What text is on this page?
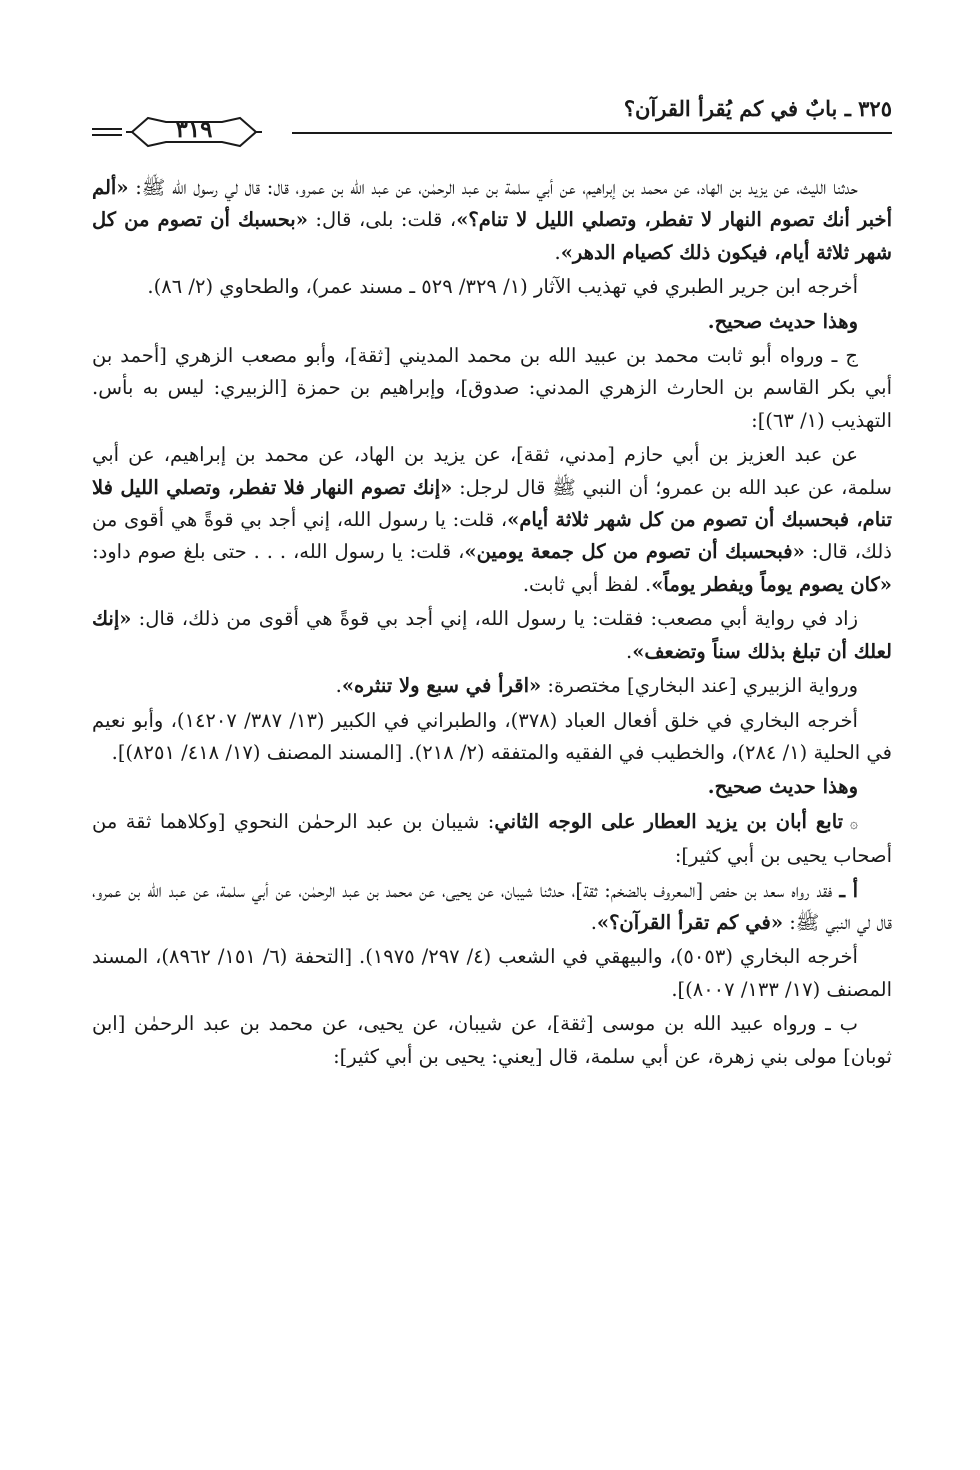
٣٢٥ ـ بابٌ في كم يُقرأ القرآن؟
٣١٩

حدثنا الليث، عن يزيد بن الهاد، عن محمد بن إبراهيم، عن أبي سلمة بن عبد الرحمٰن، عن عبد الله بن عمرو، قال: قال لي رسول الله ﷺ: «ألم أخبر أنك تصوم النهار لا تفطر، وتصلي الليل لا تنام؟»، قلت: بلى، قال: «بحسبك أن تصوم من كل شهر ثلاثة أيام، فيكون ذلك كصيام الدهر».

أخرجه ابن جرير الطبري في تهذيب الآثار (١/ ٣٢٩/ ٥٢٩ ـ مسند عمر)، والطحاوي (٢/ ٨٦).

وهذا حديث صحيح.

ج ـ ورواه أبو ثابت محمد بن عبيد الله بن محمد المديني [ثقة]، وأبو مصعب الزهري [أحمد بن أبي بكر القاسم بن الحارث الزهري المدني: صدوق]، وإبراهيم بن حمزة [الزبيري: ليس به بأس. التهذيب (١/ ٦٣)]:

عن عبد العزيز بن أبي حازم [مدني، ثقة]، عن يزيد بن الهاد، عن محمد بن إبراهيم، عن أبي سلمة، عن عبد الله بن عمرو؛ أن النبي ﷺ قال لرجل: «إنك تصوم النهار فلا تفطر، وتصلي الليل فلا تنام، فبحسبك أن تصوم من كل شهر ثلاثة أيام»، قلت: يا رسول الله، إني أجد بي قوةً هي أقوى من ذلك، قال: «فبحسبك أن تصوم من كل جمعة يومين»، قلت: يا رسول الله، . . . حتى بلغ صوم داود: «كان يصوم يوماً ويفطر يوماً». لفظ أبي ثابت.

زاد في رواية أبي مصعب: فقلت: يا رسول الله، إني أجد بي قوةً هي أقوى من ذلك، قال: «إنك لعلك أن تبلغ بذلك سناً وتضعف».

ورواية الزبيري [عند البخاري] مختصرة: «اقرأ في سبع ولا تنثره».

أخرجه البخاري في خلق أفعال العباد (٣٧٨)، والطبراني في الكبير (١٣/ ٣٨٧/ ١٤٢٠٧)، وأبو نعيم في الحلية (١/ ٢٨٤)، والخطيب في الفقيه والمتفقه (٢/ ٢١٨). [المسند المصنف (١٧/ ٤١٨/ ٨٢٥١)].

وهذا حديث صحيح.

۞ تابع أبان بن يزيد العطار على الوجه الثاني: شيبان بن عبد الرحمٰن النحوي [وكلاهما ثقة من أصحاب يحيى بن أبي كثير]:

أ ـ فقد رواه سعد بن حفص [المعروف بالضخم: ثقة]، حدثنا شيبان، عن يحيى، عن محمد بن عبد الرحمٰن، عن أبي سلمة، عن عبد الله بن عمرو، قال لي النبي ﷺ: «في كم تقرأ القرآن؟».

أخرجه البخاري (٥٠٥٣)، والبيهقي في الشعب (٤/ ٢٩٧/ ١٩٧٥). [التحفة (٦/ ١٥١/ ٨٩٦٢)، المسند المصنف (١٧/ ١٣٣/ ٨٠٠٧)].

ب ـ ورواه عبيد الله بن موسى [ثقة]، عن شيبان، عن يحيى، عن محمد بن عبد الرحمٰن [ابن ثوبان] مولى بني زهرة، عن أبي سلمة، قال [يعني: يحيى بن أبي كثير]:
